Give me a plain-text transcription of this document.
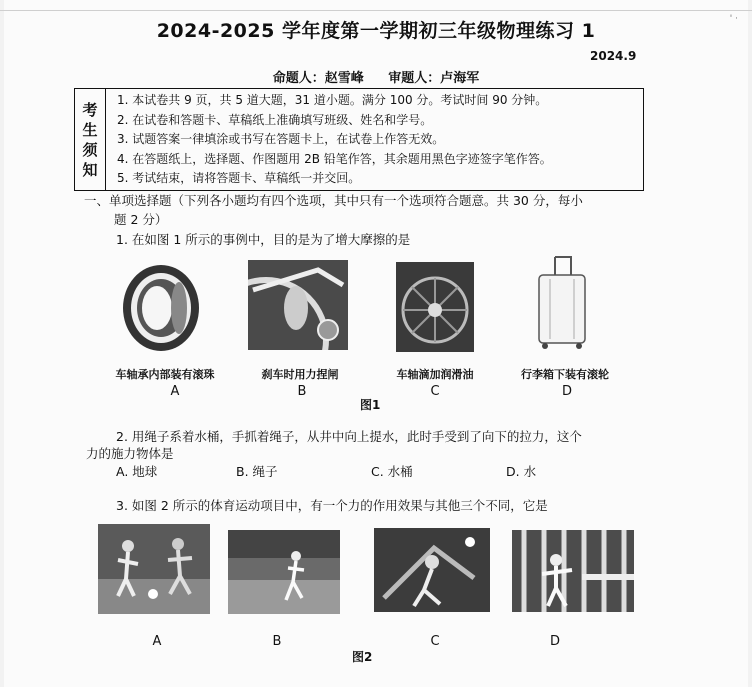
' ·
2024-2025 学年度第一学期初三年级物理练习 1
2024.9
命题人：赵雪峰 审题人：卢海军
考
生
须
知
1. 本试卷共 9 页，共 5 道大题，31 道小题。满分 100 分。考试时间 90 分钟。
2. 在试卷和答题卡、草稿纸上准确填写班级、姓名和学号。
3. 试题答案一律填涂或书写在答题卡上，在试卷上作答无效。
4. 在答题纸上，选择题、作图题用 2B 铅笔作答，其余题用黑色字迹签字笔作答。
5. 考试结束，请将答题卡、草稿纸一并交回。
一、单项选择题（下列各小题均有四个选项，其中只有一个选项符合题意。共 30 分，每小
题 2 分）
1. 在如图 1 所示的事例中，目的是为了增大摩擦的是
车轴承内部装有滚珠	刹车时用力捏闸	车轴滴加润滑油	行李箱下装有滚轮
A	B	C	D
图1
2. 用绳子系着水桶，手抓着绳子，从井中向上提水，此时手受到了向下的拉力，这个
力的施力物体是
A. 地球	B. 绳子	C. 水桶	D. 水
3. 如图 2 所示的体育运动项目中，有一个力的作用效果与其他三个不同，它是
A	B	C	D
图2
